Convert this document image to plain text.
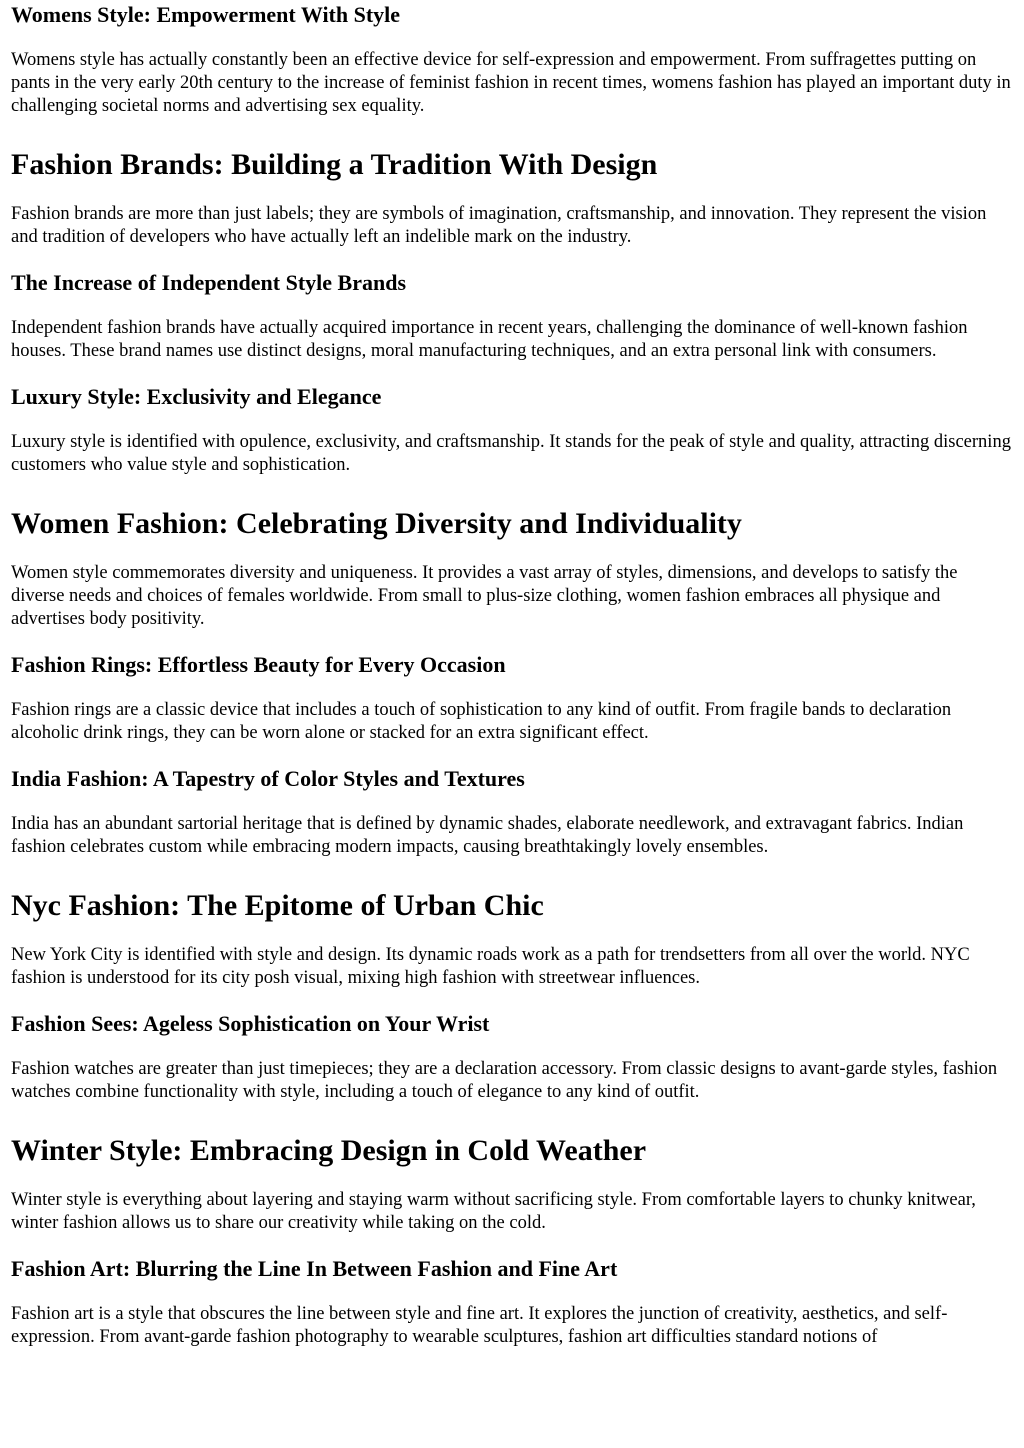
Womens Style: Empowerment With Style

Womens style has actually constantly been an effective device for self-expression and empowerment. From suffragettes putting on pants in the very early 20th century to the increase of feminist fashion in recent times, womens fashion has played an important duty in challenging societal norms and advertising sex equality.

Fashion Brands: Building a Tradition With Design

Fashion brands are more than just labels; they are symbols of imagination, craftsmanship, and innovation. They represent the vision and tradition of developers who have actually left an indelible mark on the industry.

The Increase of Independent Style Brands

Independent fashion brands have actually acquired importance in recent years, challenging the dominance of well-known fashion houses. These brand names use distinct designs, moral manufacturing techniques, and an extra personal link with consumers.

Luxury Style: Exclusivity and Elegance

Luxury style is identified with opulence, exclusivity, and craftsmanship. It stands for the peak of style and quality, attracting discerning customers who value style and sophistication.

Women Fashion: Celebrating Diversity and Individuality

Women style commemorates diversity and uniqueness. It provides a vast array of styles, dimensions, and develops to satisfy the diverse needs and choices of females worldwide. From small to plus-size clothing, women fashion embraces all physique and advertises body positivity.

Fashion Rings: Effortless Beauty for Every Occasion

Fashion rings are a classic device that includes a touch of sophistication to any kind of outfit. From fragile bands to declaration alcoholic drink rings, they can be worn alone or stacked for an extra significant effect.

India Fashion: A Tapestry of Color Styles and Textures

India has an abundant sartorial heritage that is defined by dynamic shades, elaborate needlework, and extravagant fabrics. Indian fashion celebrates custom while embracing modern impacts, causing breathtakingly lovely ensembles.

Nyc Fashion: The Epitome of Urban Chic

New York City is identified with style and design. Its dynamic roads work as a path for trendsetters from all over the world. NYC fashion is understood for its city posh visual, mixing high fashion with streetwear influences.

Fashion Sees: Ageless Sophistication on Your Wrist

Fashion watches are greater than just timepieces; they are a declaration accessory. From classic designs to avant-garde styles, fashion watches combine functionality with style, including a touch of elegance to any kind of outfit.

Winter Style: Embracing Design in Cold Weather

Winter style is everything about layering and staying warm without sacrificing style. From comfortable layers to chunky knitwear, winter fashion allows us to share our creativity while taking on the cold.

Fashion Art: Blurring the Line In Between Fashion and Fine Art

Fashion art is a style that obscures the line between style and fine art. It explores the junction of creativity, aesthetics, and self-expression. From avant-garde fashion photography to wearable sculptures, fashion art difficulties standard notions of
